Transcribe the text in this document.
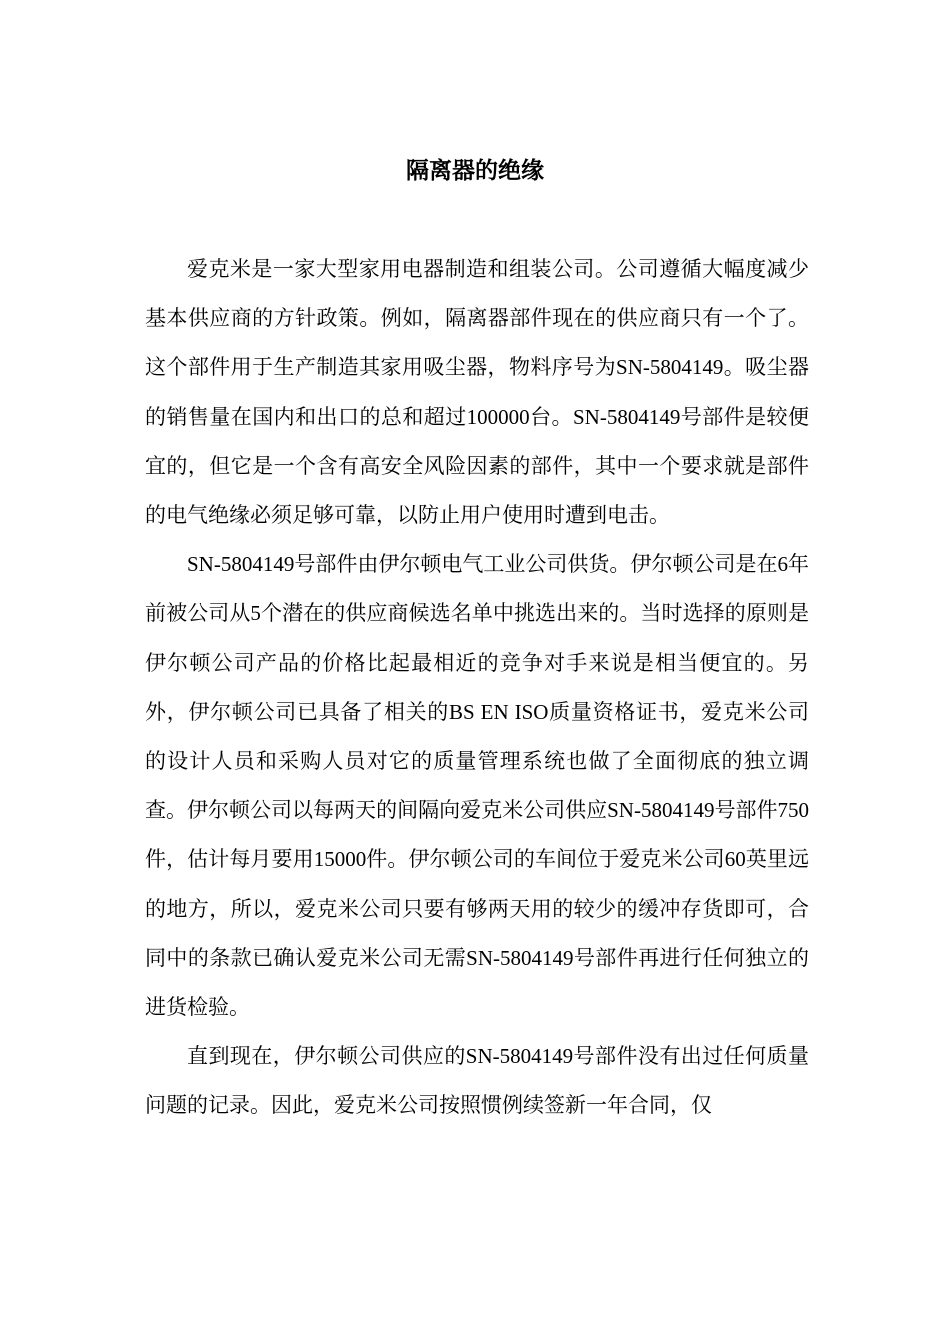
隔离器的绝缘

爱克米是一家大型家用电器制造和组装公司。公司遵循大幅度减少基本供应商的方针政策。例如，隔离器部件现在的供应商只有一个了。这个部件用于生产制造其家用吸尘器，物料序号为SN-5804149。吸尘器的销售量在国内和出口的总和超过100000台。SN-5804149号部件是较便宜的，但它是一个含有高安全风险因素的部件，其中一个要求就是部件的电气绝缘必须足够可靠，以防止用户使用时遭到电击。

SN-5804149号部件由伊尔顿电气工业公司供货。伊尔顿公司是在6年前被公司从5个潜在的供应商候选名单中挑选出来的。当时选择的原则是伊尔顿公司产品的价格比起最相近的竞争对手来说是相当便宜的。另外，伊尔顿公司已具备了相关的BS EN ISO质量资格证书，爱克米公司的设计人员和采购人员对它的质量管理系统也做了全面彻底的独立调查。伊尔顿公司以每两天的间隔向爱克米公司供应SN-5804149号部件750件，估计每月要用15000件。伊尔顿公司的车间位于爱克米公司60英里远的地方，所以，爱克米公司只要有够两天用的较少的缓冲存货即可，合同中的条款已确认爱克米公司无需SN-5804149号部件再进行任何独立的进货检验。

直到现在，伊尔顿公司供应的SN-5804149号部件没有出过任何质量问题的记录。因此，爱克米公司按照惯例续签新一年合同，仅
